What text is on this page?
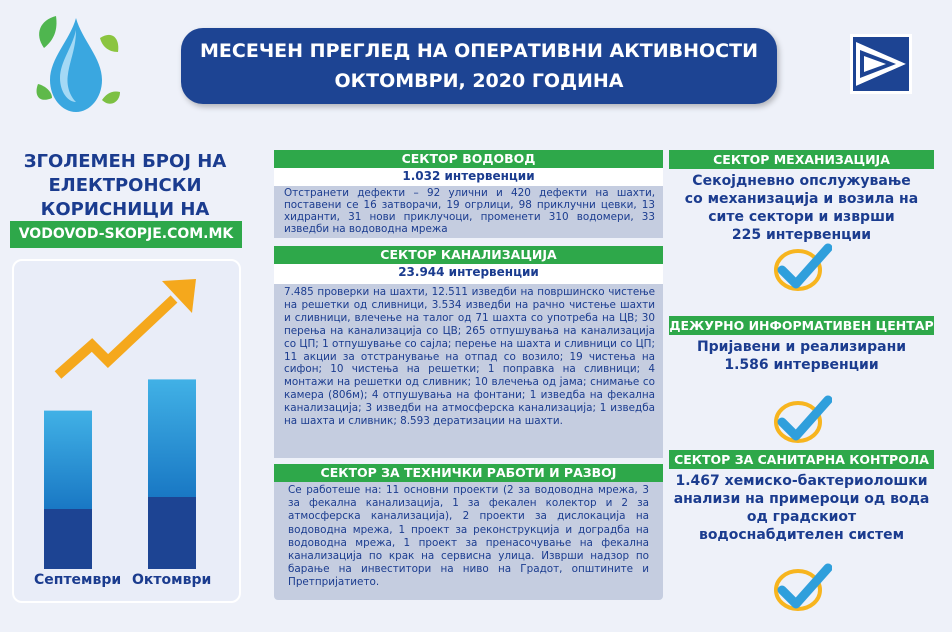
МЕСЕЧЕН ПРЕГЛЕД НА ОПЕРАТИВНИ АКТИВНОСТИ
ОКТОМВРИ, 2020 ГОДИНА
ЗГОЛЕМЕН БРОЈ НА
ЕЛЕКТРОНСКИ
КОРИСНИЦИ НА
VODOVOD-SKOPJE.COM.MK
Септември Октомври
СЕКТОР ВОДОВОД
1.032 интервенции
Отстранети дефекти – 92 улични и 420 дефекти на шахти, поставени се 16 затворачи, 19 огрлици, 98 приклучни цевки, 13 хидранти, 31 нови приклучоци, променети 310 водомери, 33 изведби на водоводна мрежа
СЕКТОР КАНАЛИЗАЦИЈА
23.944 интервенции
7.485 проверки на шахти, 12.511 изведби на површинско чистење на решетки од сливници, 3.534 изведби на рачно чистење шахти и сливници, влечење на талог од 71 шахта со употреба на ЦВ; 30 перења на канализација со ЦВ; 265 отпушувања на канализација со ЦП; 1 отпушување со сајла; перење на шахта и сливници со ЦП; 11 акции за отстранување на отпад со возило; 19 чистења на сифон; 10 чистења на решетки; 1 поправка на сливници; 4 монтажи на решетки од сливник; 10 влечења од јама; снимање со камера (806м); 4 отпушувања на фонтани; 1 изведба на фекална канализација; 3 изведби на атмосферска канализација; 1 изведба на шахта и сливник; 8.593 дератизации на шахти.
СЕКТОР ЗА ТЕХНИЧКИ РАБОТИ И РАЗВОЈ
Се работеше на: 11 основни проекти (2 за водоводна мрежа, 3 за фекална канализација, 1 за фекален колектор и 2 за атмосферска канализација), 2 проекти за дислокација на водоводна мрежа, 1 проект за реконструкција и доградба на водоводна мрежа, 1 проект за пренасочување на фекална канализација по крак на сервисна улица. Изврши надзор по барање на инвеститори на ниво на Градот, општините и Претпријатието.
СЕКТОР МЕХАНИЗАЦИЈА
Секојдневно опслужување
со механизација и возила на
сите сектори и изврши
225 интервенции
ДЕЖУРНО ИНФОРМАТИВЕН ЦЕНТАР
Пријавени и реализирани
1.586 интервенции
СЕКТОР ЗА САНИТАРНА КОНТРОЛА
1.467 хемиско-бактериолошки
анализи на примероци од вода
од градскиот
водоснабдителен систем
